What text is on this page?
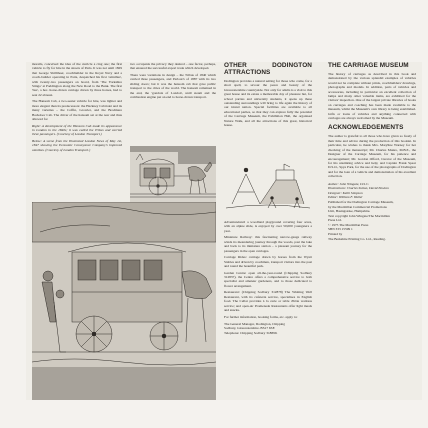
morails, conceived the idea of the curricle a cing one; the first vehicle to fly for hire in the streets of Paris. It was not until 1829 that George Shillibeer, coachbuilder in the Royal Navy and a coach-builder operating in Paris, despatched his first 'omnibus', with twenty-two passengers on board, from 'The Yorkshire Stingo' at Paddington along the New Road to the Bank. The first 'bus', a hor- horse-drawn carriage drawn by three horses, had to seat 22 abreast.

The Hansom Cab, a two-seater vehicle for hire, was lighter and more elegant than its predecessors: the Hackney Cabriolet and its many varieties – the Coffin, Growler, and the Brodmere Backdoor Cab. The driver of the hansom sat at the rear and thus allowed for

Right: A development of the Hansom Cab made its appearance in London in the 1840s; it was called the Tribus and carried three passengers. (Courtesy of London Transport.)

Below: A scene from the Illustrated London News of May 1st, 1847 showing the Economic Conveyance Company's improved omnibus. (Courtesy of London Transport.)

two occupants the privacy they desired – one factor, perhaps, that ensured the successful export trade which developed.

There were variations in design – the Tribus of 1840 which carried three passengers, and Parlour's of 1887 with its two sliding doors; but it was the hansom cab that gave public transport to the cities of the world. The hansom remained in the end, the 'gondola of London', until steam and the combustion engine put an end to horse-drawn transport.

OTHER DODINGTON ATTRACTIONS

Dodington provides a natural setting for those who come, for a short spell, to savour the peace and beauty of the Gloucestershire countryside. Not only for adults is a visit to this great house and its estate a memorable day of pleasure but, for school parties and university students, it opens up these outstanding surroundings will bring to life again the history of our island nation. Special facilities are available to all educational parties, so that they can explore fully the potential of the Carriage Museum, the Exhibition Hall, the organised Nature Walk, and all the attractions of this great, historical house.

Adventureland: a woodland playground covering four acres, with an alpine slide, is enjoyed by over 50,000 youngsters a year.

Miniature Railway: this fascinating narrow-gauge railway winds its meandering journey through the woods, past the lake and back to its miniature station – a pleasant journey for the passengers in the open carriages.

Carriage Rides: carriage drawn by horses from the Wyatt Stables and driven by coachmen, transport visitors into the past and round the beautiful park.

Garden Centre: open all-the-year-round (Chipping Sodbury 312837), the Centre offers a comprehensive service to both specialist and amateur gardeners, and to those dedicated to flower arrangement.

Restaurant: (Chipping Sodbury 312878) The Wishing Well Restaurant, with its cafeteria service, specialises in English food. The Cellar provides à la carte or table d'hôte waitress service; and open-air Promenade Restaurants offer light meals and snacks.

For further information, booking forms, etc. apply to:

The General Manager, Dodington, Chipping
Sodbury, Gloucestershire. BS17 6SF.
Telephone: Chipping Sodbury 318899.
THE CARRIAGE MUSEUM

The history of carriages as described in this book and demonstrated by the various splendid examples of vehicles would not be complete without prints, coachbuilders' drawings, photographs and models. In addition, parts of vehicles and accessories, including in particular an excellent collection of lamps and many other valuable items, are exhibited for the visitors' inspection. One of the largest private libraries of books on carriages and coaching has been made available to the museum, whilst the Museum's own library is being established. Gifts or loans of vehicles and anything connected with carriages are always welcomed by the Museum.

ACKNOWLEDGEMENTS

The author is grateful to all those who have given so freely of their time and advice during the production of this booklet. In particular, he wishes to thank Mrs. Maryline Warney for her checking of the manuscript; Mr. Charles Munro, M.B.E., the Designer of the Carriage Museum, for his patience and encouragement; Mr. Gordon Offord, Curator of the Museum, for his unstinting advice and help; and Captain Frank Spear D.S.O., Spye Park, for the use of the photographs of Dodington and for the loan of a vehicle and demonstration of his excellent collection.

Author: John Wingate, D.S.C.
Illustrations: Charles Sutton, David Newton
Designer: Keith Simpson
Editor: William F. Waller
Published for the Dodington Carriage Museum,
by the Macmillan Commercial Promotions
Unit, Basingstoke, Hampshire.
Text copyright John Wingate/The Macmillan
Press Ltd.
© 1975 The Macmillan Press
SBN 333 15599 1
Printed by
The Berkshire Printing Co. Ltd., Reading.
